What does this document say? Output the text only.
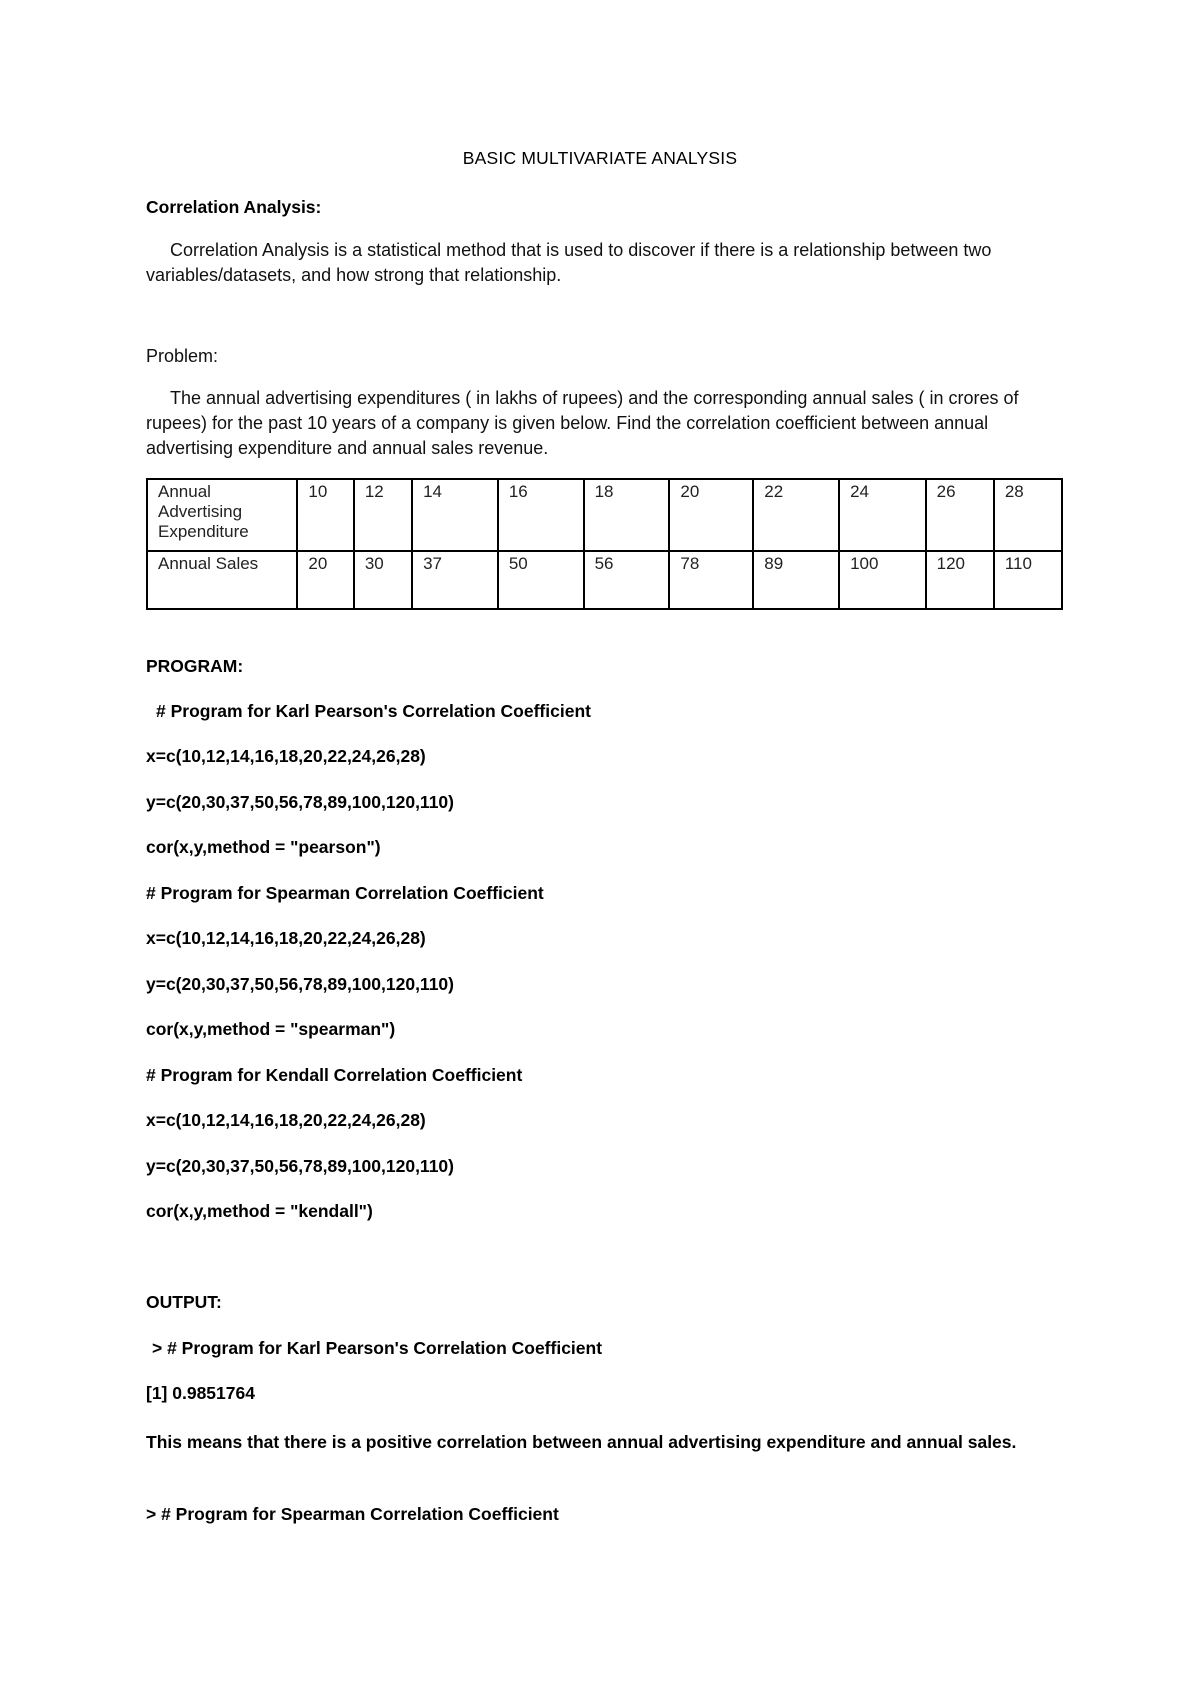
BASIC MULTIVARIATE ANALYSIS
Correlation Analysis:
Correlation Analysis is a statistical method that is used to discover if there is a relationship between two variables/datasets, and how strong that relationship.
Problem:
The annual advertising expenditures ( in lakhs of rupees) and the corresponding annual sales ( in crores of rupees) for the past 10 years of a company is given below. Find the correlation coefficient between annual advertising expenditure and annual sales revenue.
Annual Advertising Expenditure	10	12	14	16	18	20	22	24	26	28
Annual Sales	20	30	37	50	56	78	89	100	120	110
PROGRAM:
# Program for Karl Pearson's Correlation Coefficient
x=c(10,12,14,16,18,20,22,24,26,28)
y=c(20,30,37,50,56,78,89,100,120,110)
cor(x,y,method = "pearson")
# Program for Spearman Correlation Coefficient
x=c(10,12,14,16,18,20,22,24,26,28)
y=c(20,30,37,50,56,78,89,100,120,110)
cor(x,y,method = "spearman")
# Program for Kendall Correlation Coefficient
x=c(10,12,14,16,18,20,22,24,26,28)
y=c(20,30,37,50,56,78,89,100,120,110)
cor(x,y,method = "kendall")
OUTPUT:
> # Program for Karl Pearson's Correlation Coefficient
[1] 0.9851764
This means that there is a positive correlation between annual advertising expenditure and annual sales.
> # Program for Spearman Correlation Coefficient
